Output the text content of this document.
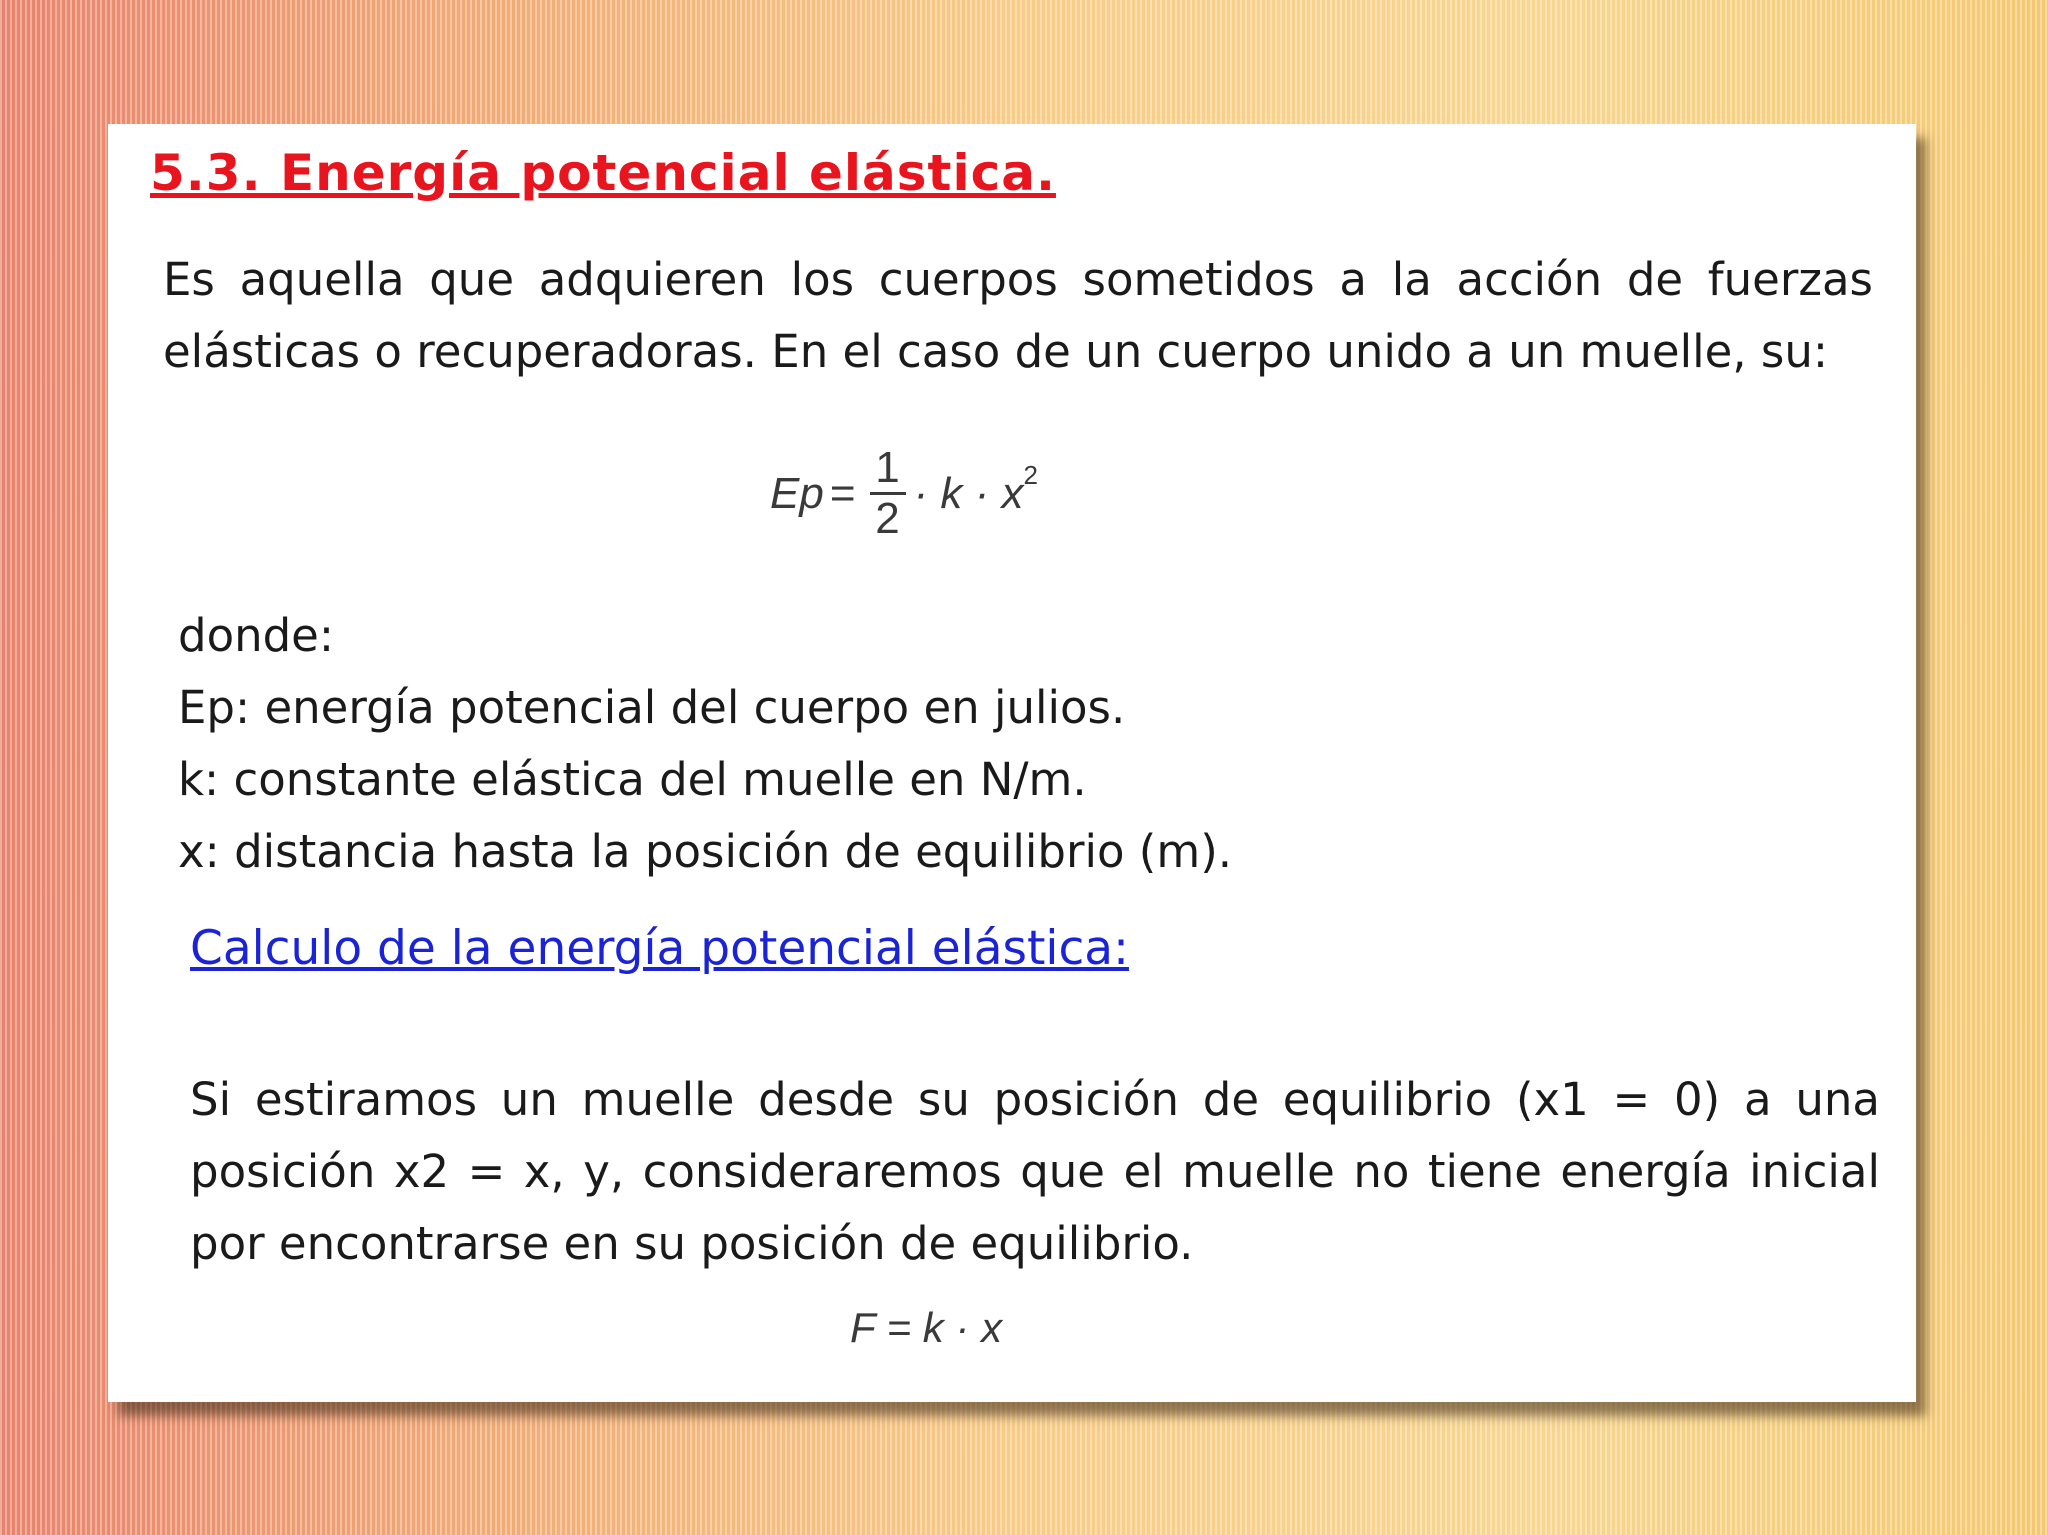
5.3. Energía potencial elástica.

Es aquella que adquieren los cuerpos sometidos a la acción de fuerzas elásticas o recuperadoras. En el caso de un cuerpo unido a un muelle, su:

$Ep = \frac{1}{2} \cdot k \cdot x$ 2
donde:
Ep: energía potencial del cuerpo en julios.
k: constante elástica del muelle en N/m.
x: distancia hasta la posición de equilibrio (m).

Calculo de la energía potencial elástica:

Si estiramos un muelle desde su posición de equilibrio (x1 = 0) a una posición x2 = x, y, consideraremos que el muelle no tiene energía inicial por encontrarse en su posición de equilibrio.

F = k · x
